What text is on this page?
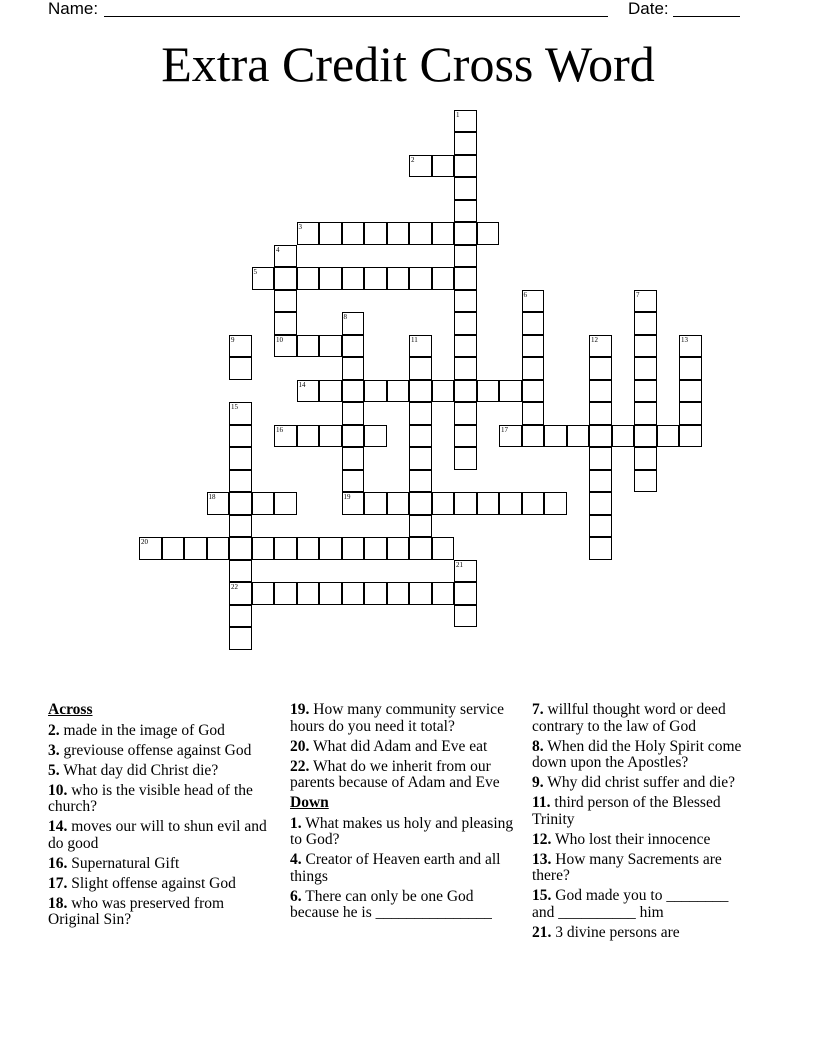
Name:	Date:
Extra Credit Cross Word
1
2
3
4
5
6	7
8
19
9	10	11	12	13
14
15
22
16	17
18
20
21
Across
2. made in the image of God
3. greviouse offense against God
5. What day did Christ die?
10. who is the visible head of the church?
14. moves our will to shun evil and do good
16. Supernatural Gift
17. Slight offense against God
18. who was preserved from Original Sin?
19. How many community service hours do you need it total?
20. What did Adam and Eve eat
22. What do we inherit from our parents because of Adam and Eve
Down
1. What makes us holy and pleasing to God?
4. Creator of Heaven earth and all things
6. There can only be one God because he is _______________
7. willful thought word or deed contrary to the law of God
8. When did the Holy Spirit come down upon the Apostles?
9. Why did christ suffer and die?
11. third person of the Blessed Trinity
12. Who lost their innocence
13. How many Sacrements are there?
15. God made you to ________ and __________ him
21. 3 divine persons are
